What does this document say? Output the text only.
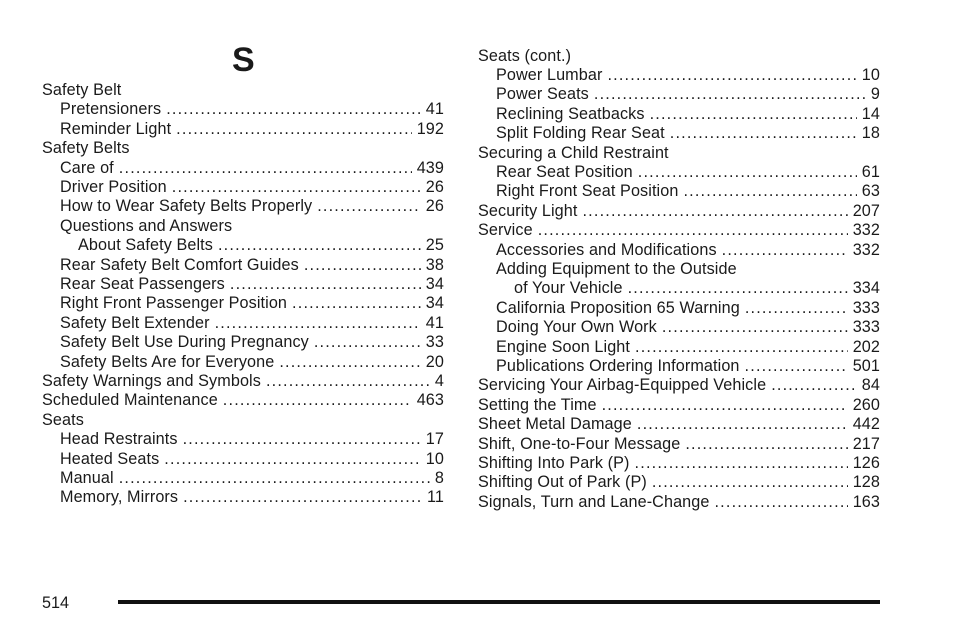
S
Safety Belt
Pretensioners .....	41
Reminder Light .....	192
Safety Belts
Care of .....	439
Driver Position .....	26
How to Wear Safety Belts Properly .....	26
Questions and Answers
About Safety Belts .....	25
Rear Safety Belt Comfort Guides .....	38
Rear Seat Passengers .....	34
Right Front Passenger Position .....	34
Safety Belt Extender .....	41
Safety Belt Use During Pregnancy .....	33
Safety Belts Are for Everyone .....	20
Safety Warnings and Symbols .....	4
Scheduled Maintenance .....	463
Seats
Head Restraints .....	17
Heated Seats .....	10
Manual .....	8
Memory, Mirrors .....	11
Seats (cont.)
Power Lumbar .....	10
Power Seats .....	9
Reclining Seatbacks .....	14
Split Folding Rear Seat .....	18
Securing a Child Restraint
Rear Seat Position .....	61
Right Front Seat Position .....	63
Security Light .....	207
Service .....	332
Accessories and Modifications .....	332
Adding Equipment to the Outside
of Your Vehicle .....	334
California Proposition 65 Warning .....	333
Doing Your Own Work .....	333
Engine Soon Light .....	202
Publications Ordering Information .....	501
Servicing Your Airbag-Equipped Vehicle .....	84
Setting the Time .....	260
Sheet Metal Damage .....	442
Shift, One-to-Four Message .....	217
Shifting Into Park (P) .....	126
Shifting Out of Park (P) .....	128
Signals, Turn and Lane-Change .....	163
514
